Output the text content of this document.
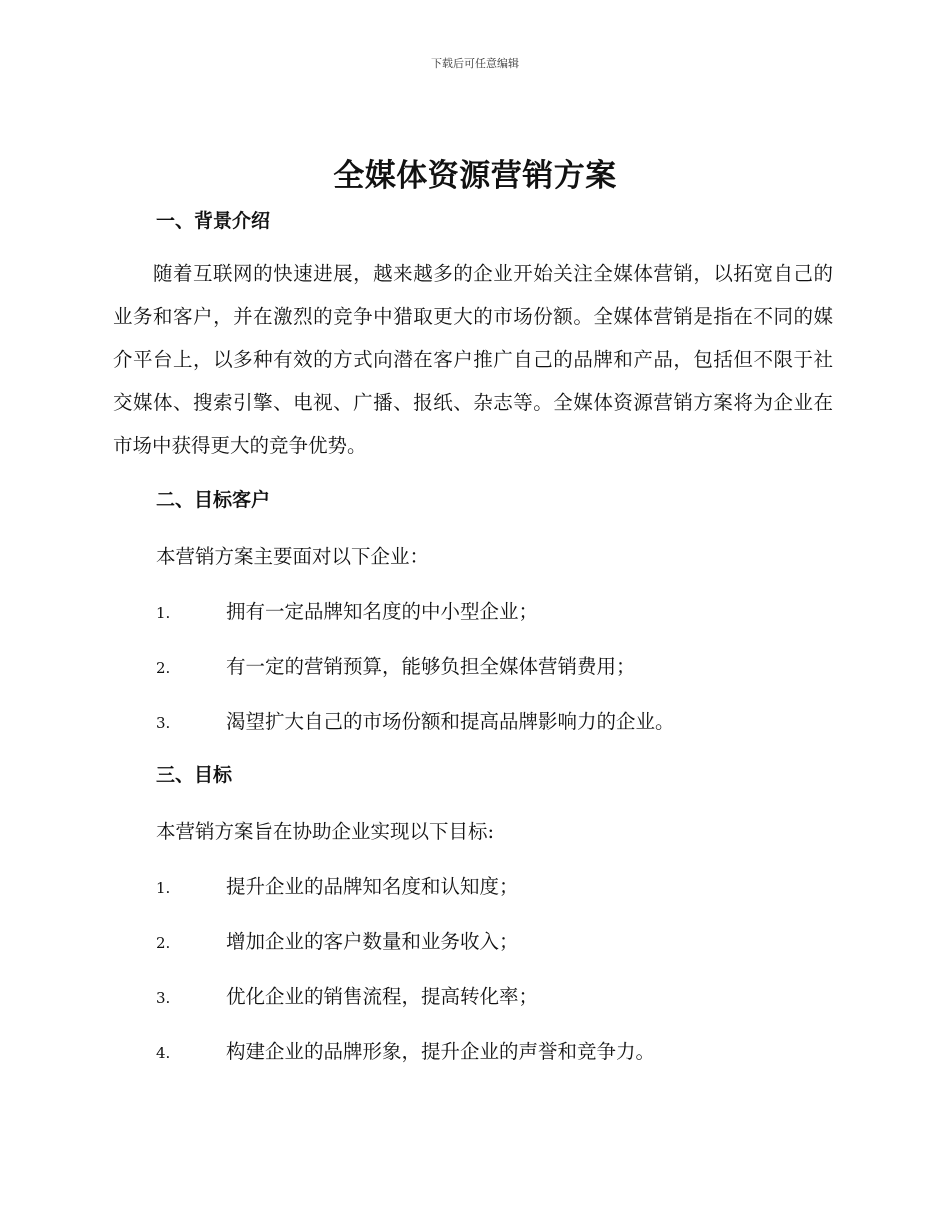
下载后可任意编辑
全媒体资源营销方案
一、背景介绍

随着互联网的快速进展，越来越多的企业开始关注全媒体营销，以拓宽自己的业务和客户，并在激烈的竞争中猎取更大的市场份额。全媒体营销是指在不同的媒介平台上，以多种有效的方式向潜在客户推广自己的品牌和产品，包括但不限于社交媒体、搜索引擎、电视、广播、报纸、杂志等。全媒体资源营销方案将为企业在市场中获得更大的竞争优势。

二、目标客户
本营销方案主要面对以下企业：
1.	拥有一定品牌知名度的中小型企业；
2.	有一定的营销预算，能够负担全媒体营销费用；
3.	渴望扩大自己的市场份额和提高品牌影响力的企业。
三、目标
本营销方案旨在协助企业实现以下目标:
1.	提升企业的品牌知名度和认知度；
2.	增加企业的客户数量和业务收入；
3.	优化企业的销售流程，提高转化率；
4.	构建企业的品牌形象，提升企业的声誉和竞争力。
